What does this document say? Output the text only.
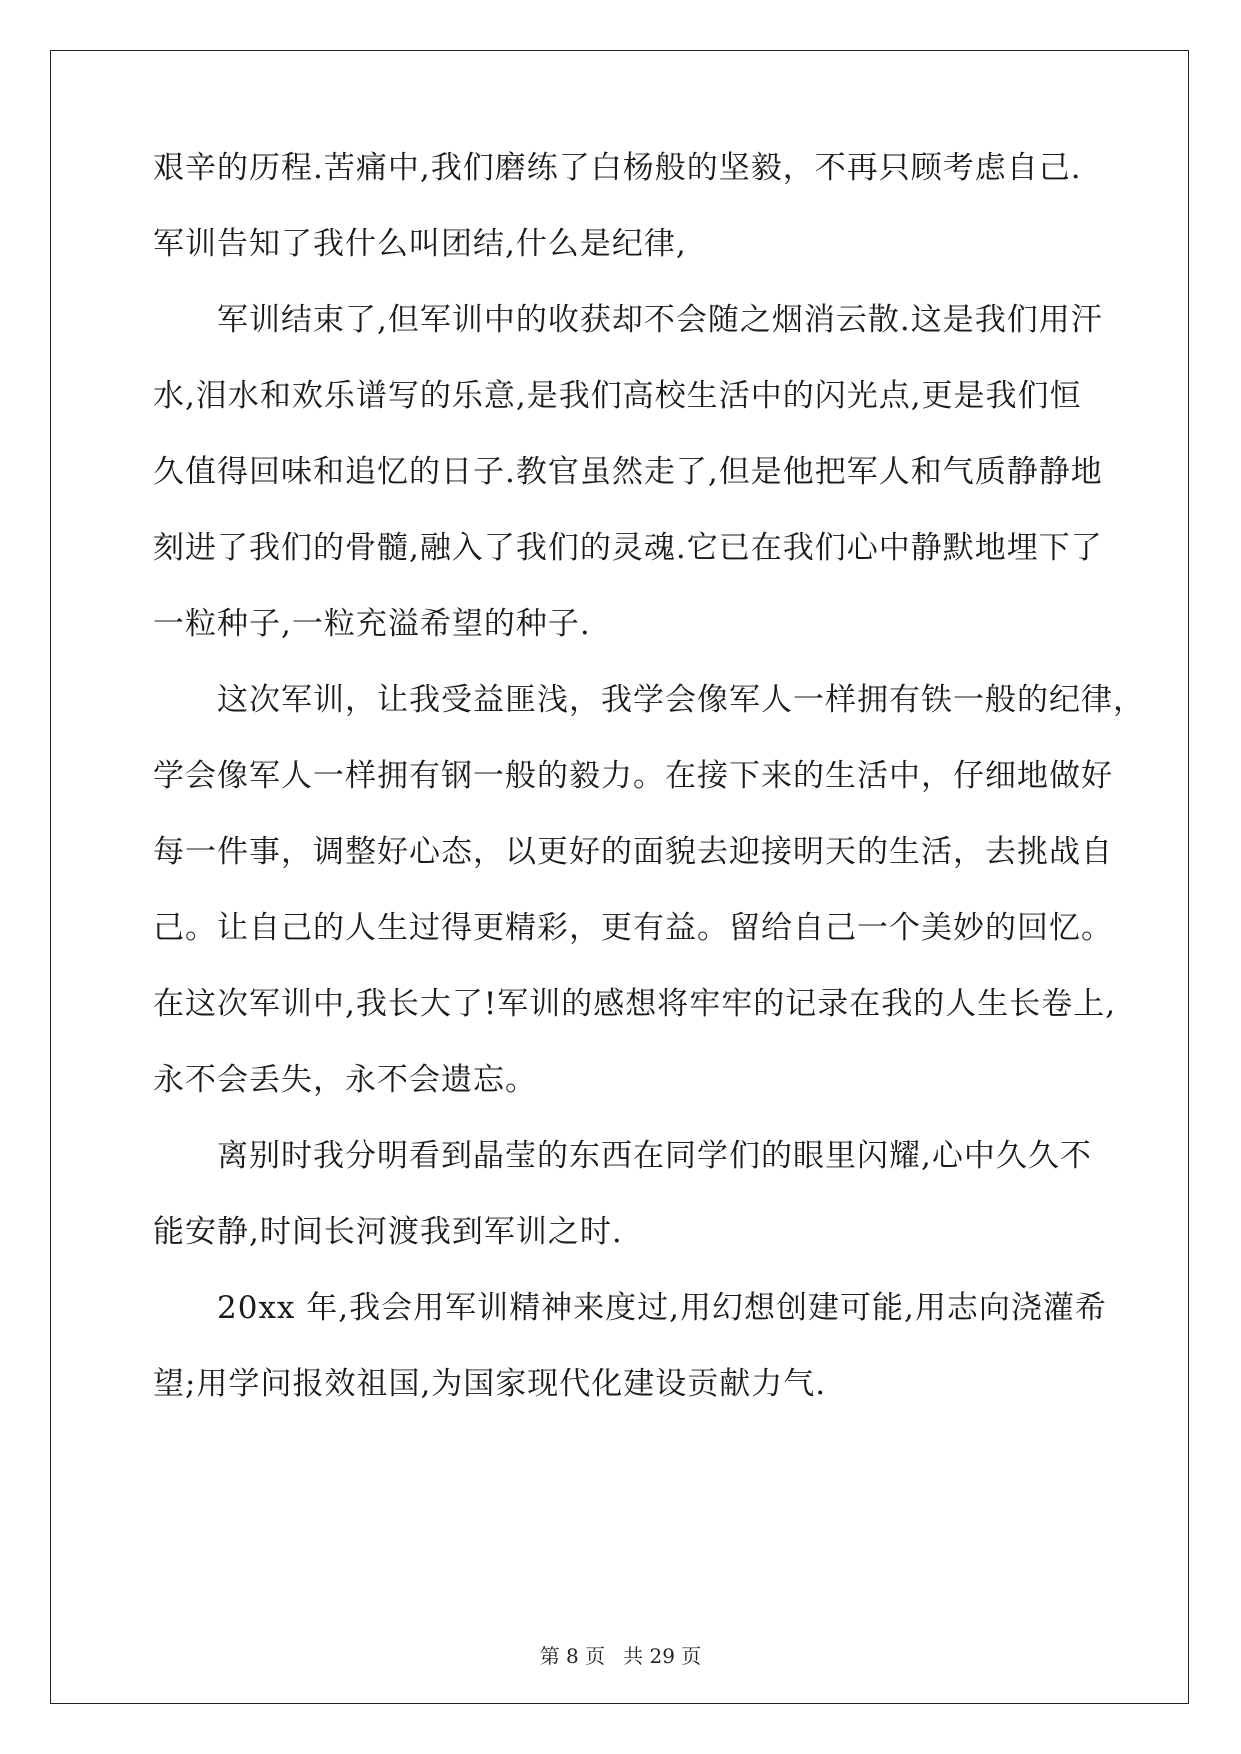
艰辛的历程.苦痛中,我们磨练了白杨般的坚毅，不再只顾考虑自己.
军训告知了我什么叫团结,什么是纪律,
　　军训结束了,但军训中的收获却不会随之烟消云散.这是我们用汗
水,泪水和欢乐谱写的乐意,是我们高校生活中的闪光点,更是我们恒
久值得回味和追忆的日子.教官虽然走了,但是他把军人和气质静静地
刻进了我们的骨髓,融入了我们的灵魂.它已在我们心中静默地埋下了
一粒种子,一粒充溢希望的种子.
　　这次军训，让我受益匪浅，我学会像军人一样拥有铁一般的纪律，
学会像军人一样拥有钢一般的毅力。在接下来的生活中，仔细地做好
每一件事，调整好心态，以更好的面貌去迎接明天的生活，去挑战自
己。让自己的人生过得更精彩，更有益。留给自己一个美妙的回忆。
在这次军训中,我长大了!军训的感想将牢牢的记录在我的人生长卷上,
永不会丢失，永不会遗忘。
　　离别时我分明看到晶莹的东西在同学们的眼里闪耀,心中久久不
能安静,时间长河渡我到军训之时.
　　20xx 年,我会用军训精神来度过,用幻想创建可能,用志向浇灌希
望;用学问报效祖国,为国家现代化建设贡献力气.
第 8 页 共 29 页
